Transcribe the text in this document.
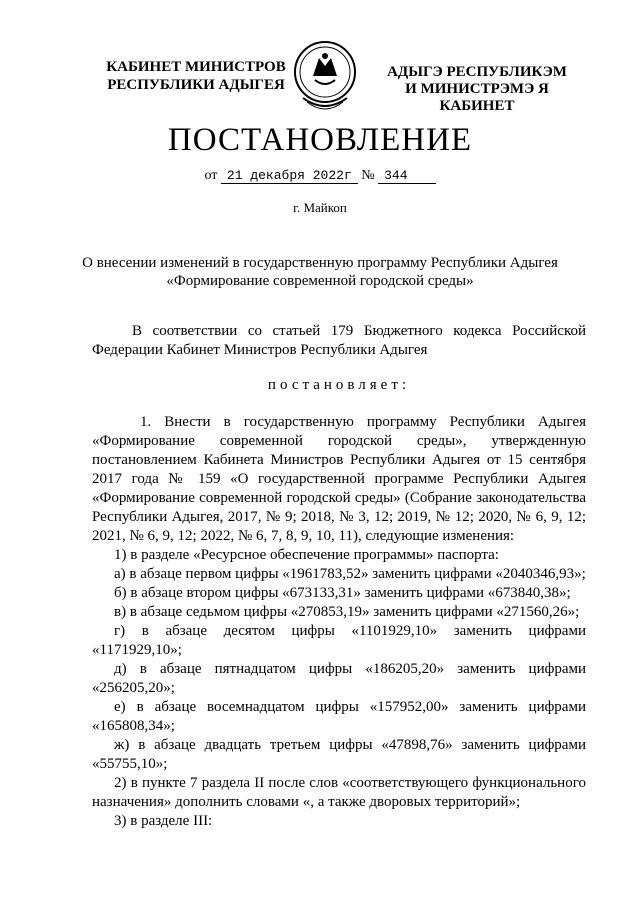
КАБИНЕТ МИНИСТРОВ
РЕСПУБЛИКИ АДЫГЕЯ
АДЫГЭ РЕСПУБЛИКЭМ
И МИНИСТРЭМЭ Я КАБИНЕТ
ПОСТАНОВЛЕНИЕ
от 21 декабря 2022г № 344
г. Майкоп
О внесении изменений в государственную программу Республики Адыгея
«Формирование современной городской среды»

В соответствии со статьей 179 Бюджетного кодекса Российской Федерации Кабинет Министров Республики Адыгея

постановляет:

1. Внести в государственную программу Республики Адыгея «Формирование современной городской среды», утвержденную постановлением Кабинета Министров Республики Адыгея от 15 сентября 2017 года № 159 «О государственной программе Республики Адыгея «Формирование современной городской среды» (Собрание законодательства Республики Адыгея, 2017, № 9; 2018, № 3, 12; 2019, № 12; 2020, № 6, 9, 12; 2021, № 6, 9, 12; 2022, № 6, 7, 8, 9, 10, 11), следующие изменения:

1) в разделе «Ресурсное обеспечение программы» паспорта:

а) в абзаце первом цифры «1961783,52» заменить цифрами «2040346,93»;

б) в абзаце втором цифры «673133,31» заменить цифрами «673840,38»;

в) в абзаце седьмом цифры «270853,19» заменить цифрами «271560,26»;

г) в абзаце десятом цифры «1101929,10» заменить цифрами «1171929,10»;

д) в абзаце пятнадцатом цифры «186205,20» заменить цифрами «256205,20»;

е) в абзаце восемнадцатом цифры «157952,00» заменить цифрами «165808,34»;

ж) в абзаце двадцать третьем цифры «47898,76» заменить цифрами «55755,10»;

2) в пункте 7 раздела II после слов «соответствующего функционального назначения» дополнить словами «, а также дворовых территорий»;

3) в разделе III:
